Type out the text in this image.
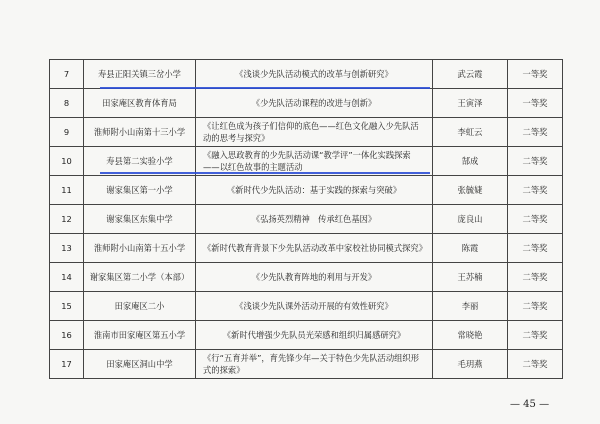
7	寿县正阳关镇三岔小学	《浅谈少先队活动模式的改革与创新研究》	武云霞	一等奖
8	田家庵区教育体育局	《少先队活动课程的改进与创新》	王寅泽	一等奖
9	淮师附小山南第十三小学	《让红色成为孩子们信仰的底色——红色文化融入少先队活动的思考与探究》	李虹云	二等奖
10	寿县第二实验小学	《融入思政教育的少先队活动课“教学评”一体化实践探索——以红色故事的主题活动	郜成	二等奖
11	谢家集区第一小学	《新时代少先队活动：基于实践的探索与突破》	张毓婕	二等奖
12	谢家集区东集中学	《弘扬英烈精神　传承红色基因》	庞良山	二等奖
13	淮师附小山南第十五小学	《新时代教育背景下少先队活动改革中家校社协同模式探究》	陈霞	二等奖
14	谢家集区第二小学（本部）	《少先队教育阵地的利用与开发》	王苏楠	二等奖
15	田家庵区二小	《浅谈少先队课外活动开展的有效性研究》	李丽	二等奖
16	淮南市田家庵区第五小学	《新时代增强少先队员光荣感和组织归属感研究》	常晓艳	二等奖
17	田家庵区洞山中学	《行“五育并举”，育先锋少年—关于特色少先队活动组织形式的探索》	毛玥燕	二等奖
— 45 —
